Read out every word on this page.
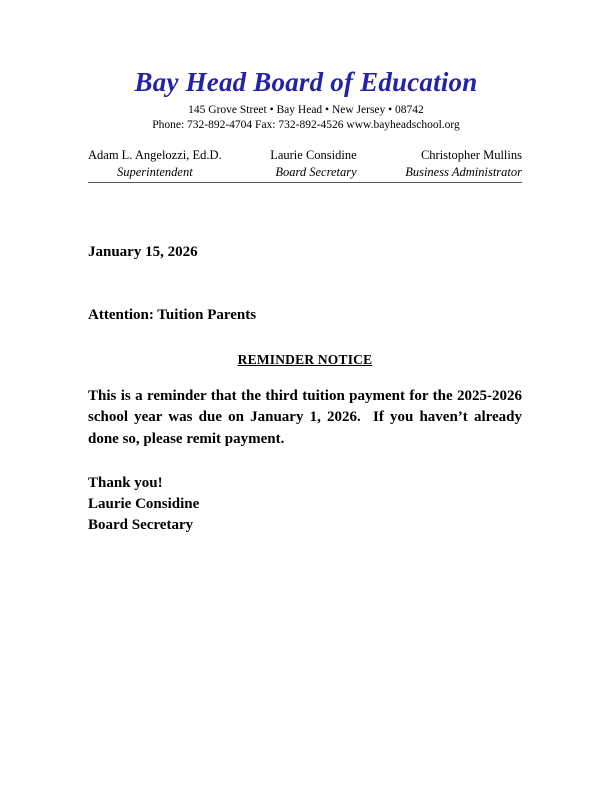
Bay Head Board of Education
145 Grove Street • Bay Head • New Jersey • 08742
Phone: 732-892-4704 Fax: 732-892-4526 www.bayheadschool.org
Adam L. Angelozzi, Ed.D.
Superintendent
Laurie Considine
Board Secretary
Christopher Mullins
Business Administrator
January 15, 2026
Attention: Tuition Parents
REMINDER NOTICE
This is a reminder that the third tuition payment for the 2025-2026 school year was due on January 1, 2026.  If you haven’t already done so, please remit payment.
Thank you!
Laurie Considine
Board Secretary
